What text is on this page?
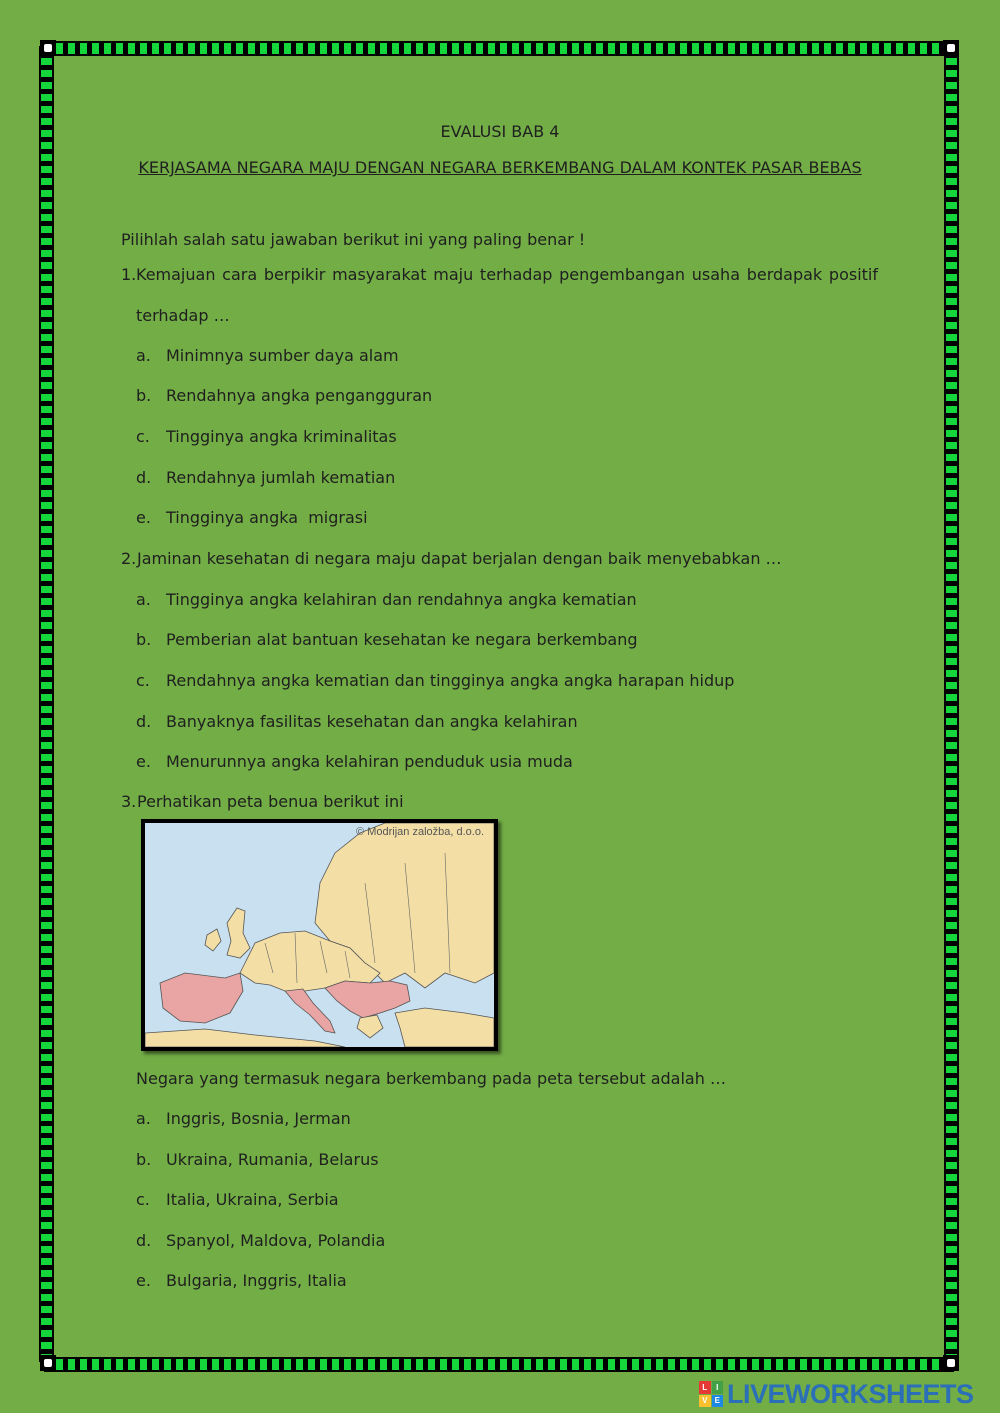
EVALUSI BAB 4
KERJASAMA NEGARA MAJU DENGAN NEGARA BERKEMBANG DALAM KONTEK PASAR BEBAS
Pilihlah salah satu jawaban berikut ini yang paling benar !
1. Kemajuan cara berpikir masyarakat maju terhadap pengembangan usaha berdapak positif
terhadap …
a. Minimnya sumber daya alam
b. Rendahnya angka pengangguran
c. Tingginya angka kriminalitas
d. Rendahnya jumlah kematian
e. Tingginya angka  migrasi
2. Jaminan kesehatan di negara maju dapat berjalan dengan baik menyebabkan …
a. Tingginya angka kelahiran dan rendahnya angka kematian
b. Pemberian alat bantuan kesehatan ke negara berkembang
c. Rendahnya angka kematian dan tingginya angka angka harapan hidup
d. Banyaknya fasilitas kesehatan dan angka kelahiran
e. Menurunnya angka kelahiran penduduk usia muda
3. Perhatikan peta benua berikut ini
© Modrijan založba, d.o.o.
Negara yang termasuk negara berkembang pada peta tersebut adalah …
a. Inggris, Bosnia, Jerman
b. Ukraina, Rumania, Belarus
c. Italia, Ukraina, Serbia
d. Spanyol, Maldova, Polandia
e. Bulgaria, Inggris, Italia
L	I
V E LIVEWORKSHEETS
